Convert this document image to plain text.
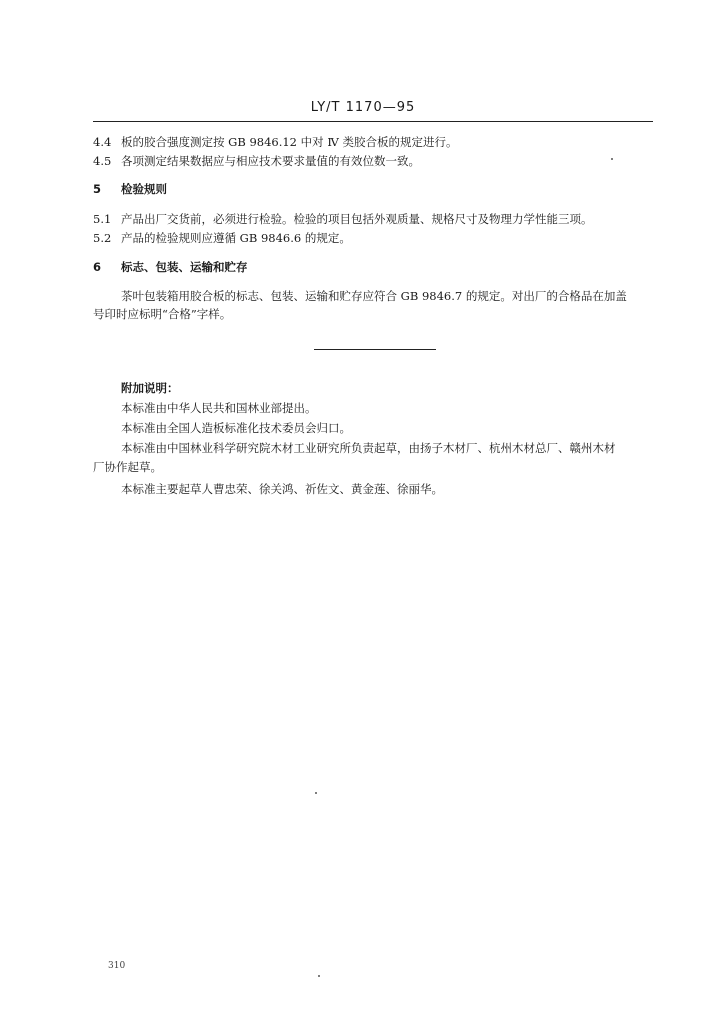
LY/T 1170—95
4.4 板的胶合强度测定按 GB 9846.12 中对 Ⅳ 类胶合板的规定进行。
4.5 各项测定结果数据应与相应技术要求量值的有效位数一致。
5 检验规则
5.1 产品出厂交货前，必须进行检验。检验的项目包括外观质量、规格尺寸及物理力学性能三项。
5.2 产品的检验规则应遵循 GB 9846.6 的规定。
6 标志、包装、运输和贮存
茶叶包装箱用胶合板的标志、包装、运输和贮存应符合 GB 9846.7 的规定。对出厂的合格品在加盖
号印时应标明“合格”字样。
附加说明：
本标准由中华人民共和国林业部提出。
本标准由全国人造板标准化技术委员会归口。
本标准由中国林业科学研究院木材工业研究所负责起草，由扬子木材厂、杭州木材总厂、赣州木材
厂协作起草。
本标准主要起草人曹忠荣、徐关鸿、祈佐文、黄金莲、徐丽华。
310
